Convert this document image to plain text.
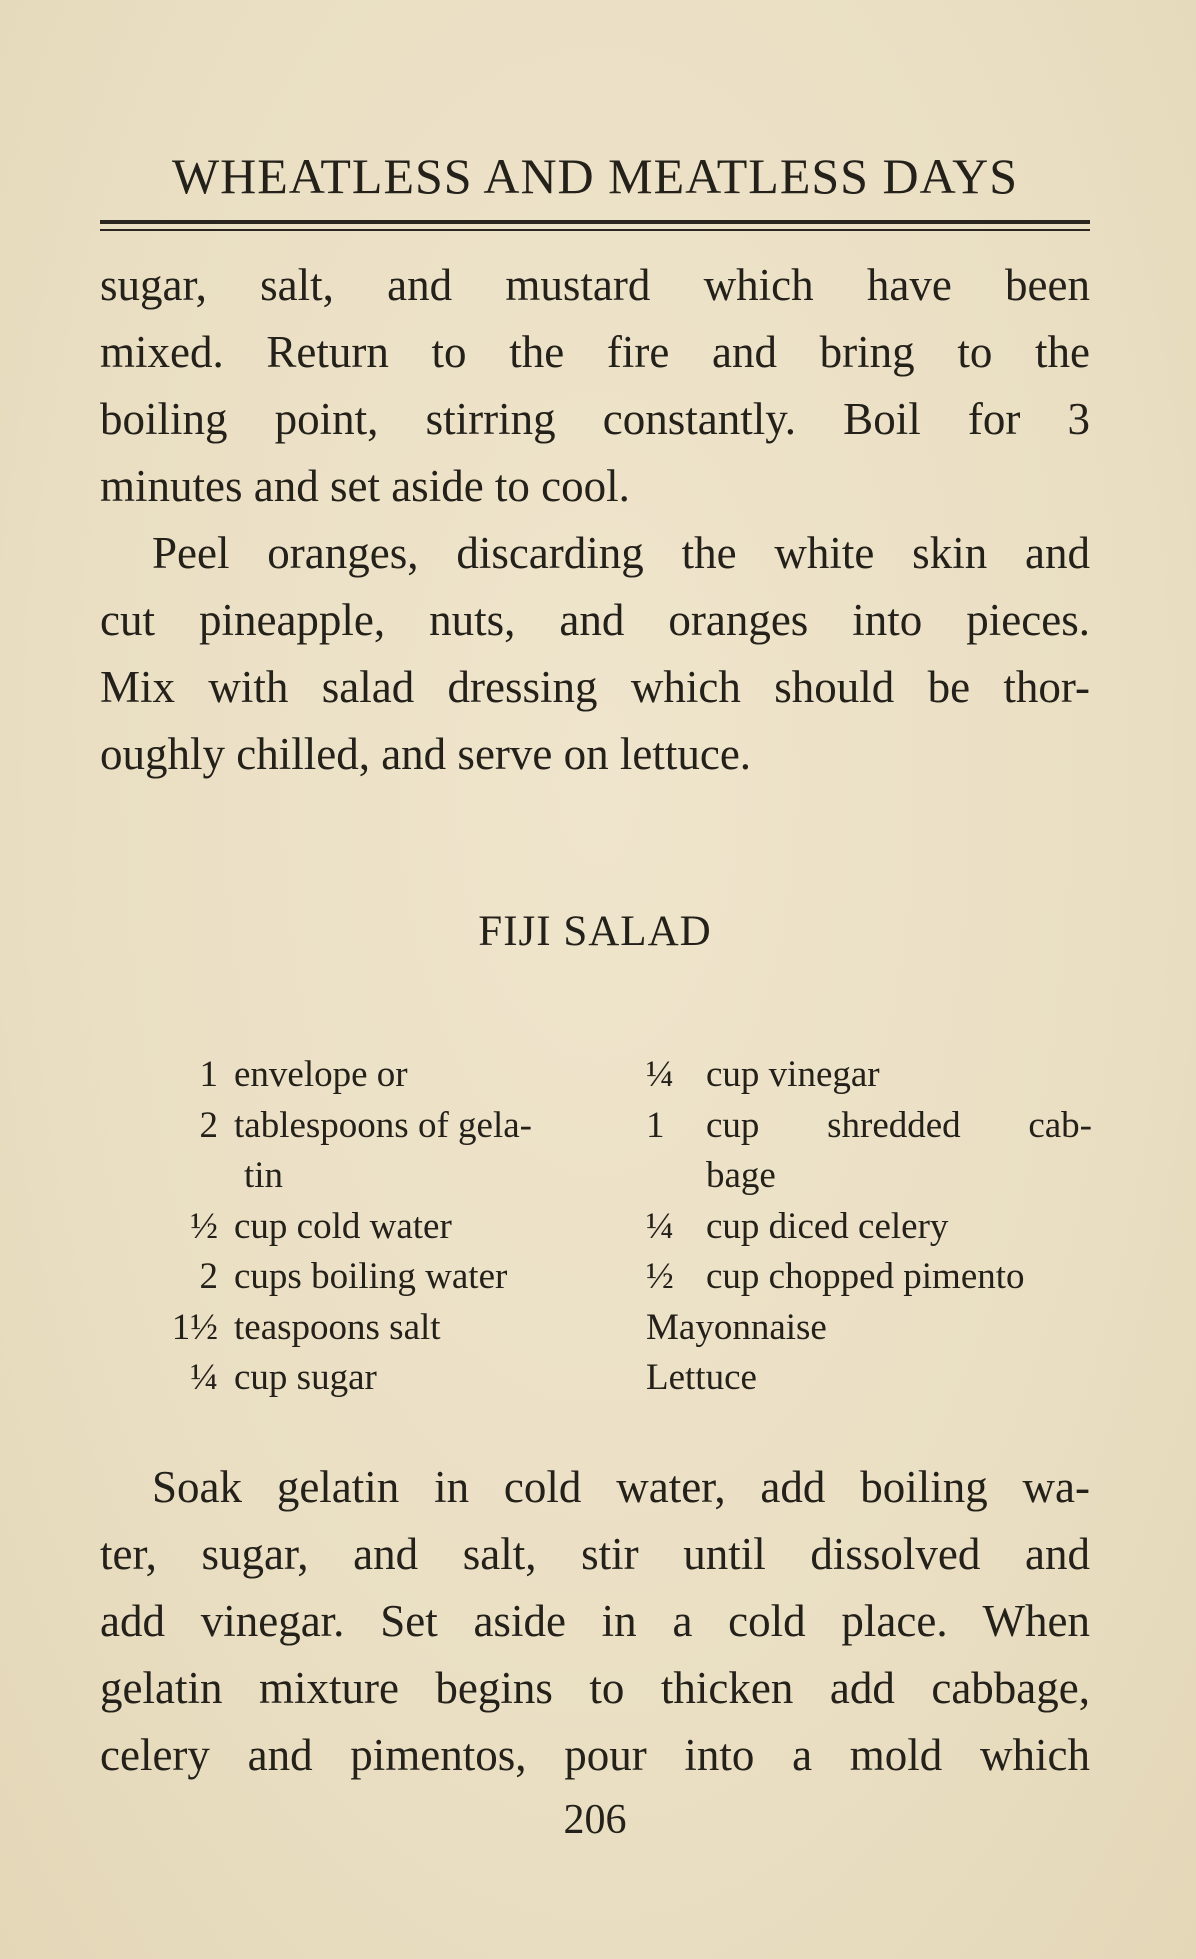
WHEATLESS AND MEATLESS DAYS
sugar, salt, and mustard which have been
mixed. Return to the fire and bring to the
boiling point, stirring constantly. Boil for 3
minutes and set aside to cool.
Peel oranges, discarding the white skin and
cut pineapple, nuts, and oranges into pieces.
Mix with salad dressing which should be thor-
oughly chilled, and serve on lettuce.
FIJI SALAD
1 envelope or
2 tablespoons of gela-
tin
½ cup cold water
2 cups boiling water
1½ teaspoons salt
¼ cup sugar
¼ cup vinegar
1	cup shredded cab-
bage
¼ cup diced celery
½ cup chopped pimento
Mayonnaise
Lettuce
Soak gelatin in cold water, add boiling wa-
ter, sugar, and salt, stir until dissolved and
add vinegar. Set aside in a cold place. When
gelatin mixture begins to thicken add cabbage,
celery and pimentos, pour into a mold which
206
